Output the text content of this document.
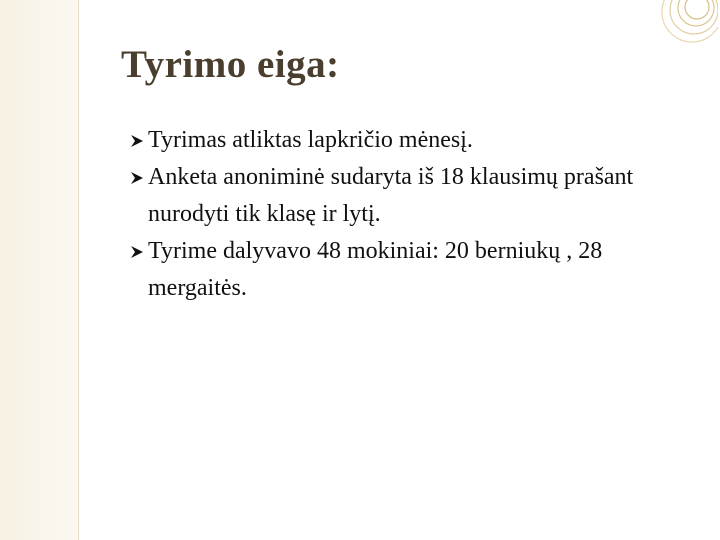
Tyrimo eiga:
Tyrimas atliktas lapkričio mėnesį.
Anketa anoniminė sudaryta iš 18 klausimų prašant nurodyti tik klasę ir lytį.
Tyrime dalyvavo 48 mokiniai: 20 berniukų , 28 mergaitės.
